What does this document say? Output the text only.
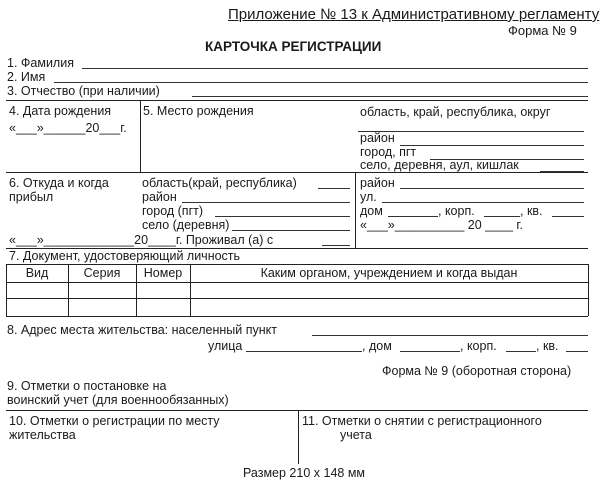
Приложение № 13 к Административному регламенту
Форма № 9
КАРТОЧКА РЕГИСТРАЦИИ
1. Фамилия
2. Имя
3. Отчество (при наличии)
4. Дата рождения
«___»______20___г.
5. Место рождения	область, край, республика, округ
район
город, пгт
село, деревня, аул, кишлак
6. Откуда и когда
прибыл
область(край, республика)
район
город (пгт)
село (деревня)
«___»_____________20____г. Проживал (а) с
район
ул.
дом	, корп.	, кв.
«___»__________ 20 ____ г.
7. Документ, удостоверяющий личность
Вид	Серия	Номер	Каким органом, учреждением и когда выдан
8. Адрес места жительства: населенный пункт
улица	, дом	, корп.	, кв.
Форма № 9 (оборотная сторона)
9. Отметки о постановке на
воинский учет (для военнообязанных)
10. Отметки о регистрации по месту
жительства
11. Отметки о снятии с регистрационного
учета
Размер 210 х 148 мм
